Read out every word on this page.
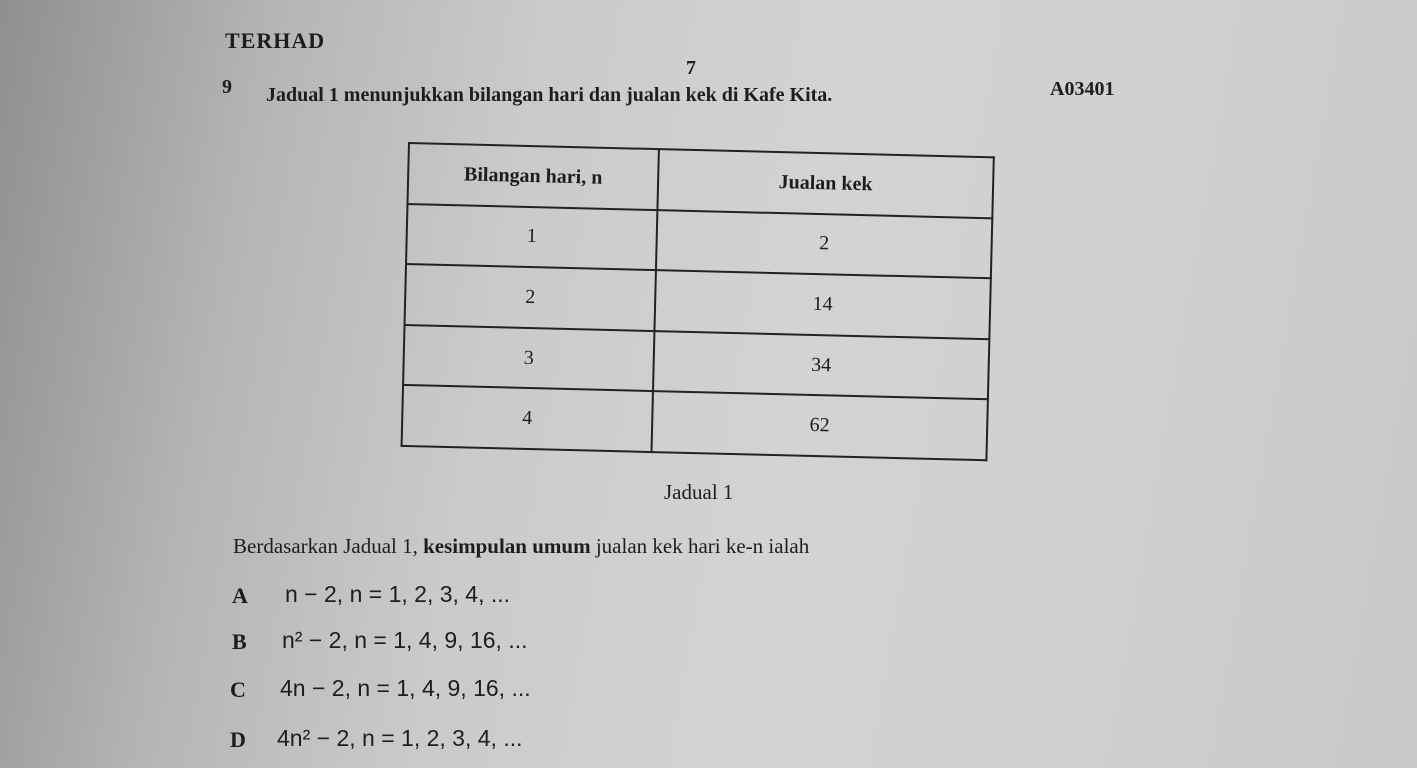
TERHAD
7
A03401
9 Jadual 1 menunjukkan bilangan hari dan jualan kek di Kafe Kita.
Bilangan hari, n	Jualan kek
1	2
2	14
3	34
4	62
Jadual 1
Berdasarkan Jadual 1, kesimpulan umum jualan kek hari ke-n ialah
A n − 2, n = 1, 2, 3, 4, ...
B n² − 2, n = 1, 4, 9, 16, ...
C 4n − 2, n = 1, 4, 9, 16, ...
D 4n² − 2, n = 1, 2, 3, 4, ...
